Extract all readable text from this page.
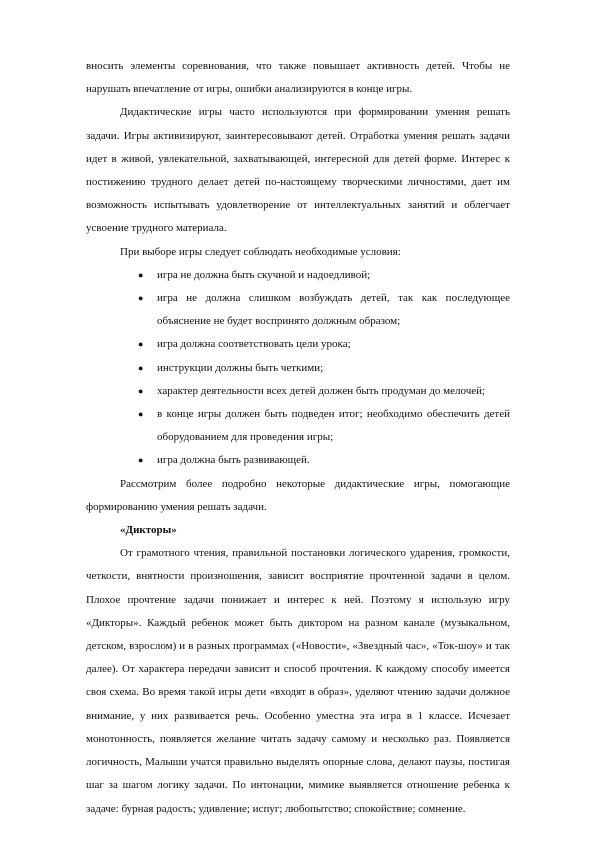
вносить элементы соревнования, что также повышает активность детей. Чтобы не нарушать впечатление от игры, ошибки анализируются в конце игры.

Дидактические игры часто используются при формировании умения решать задачи. Игры активизируют, заинтересовывают детей. Отработка умения решать задачи идет в живой, увлекательной, захватывающей, интересной для детей форме. Интерес к постижению трудного делает детей по-настоящему творческими личностями, дает им возможность испытывать удовлетворение от интеллектуальных занятий и облегчает усвоение трудного материала.

При выборе игры следует соблюдать необходимые условия:

● игра не должна быть скучной и надоедливой;
● игра не должна слишком возбуждать детей, так как последующее объяснение не будет воспринято должным образом;
● игра должна соответствовать цели урока;
● инструкции должны быть четкими;
● характер деятельности всех детей должен быть продуман до мелочей;
● в конце игры должен быть подведен итог; необходимо обеспечить детей оборудованием для проведения игры;
● игра должна быть развивающей.

Рассмотрим более подробно некоторые дидактические игры, помогающие формированию умения решать задачи.

«Дикторы»

От грамотного чтения, правильной постановки логического ударения, громкости, четкости, внятности произношения, зависит восприятие прочтенной задачи в целом. Плохое прочтение задачи понижает и интерес к ней. Поэтому я использую игру «Дикторы». Каждый ребенок может быть диктором на разном канале (музыкальном, детском, взрослом) и в разных программах («Новости», «Звездный час», «Ток-шоу» и так далее). От характера передачи зависит и способ прочтения. К каждому способу имеется своя схема. Во время такой игры дети «входят в образ», уделяют чтению задачи должное внимание, у них развивается речь. Особенно уместна эта игра в 1 классе. Исчезает монотонность, появляется желание читать задачу самому и несколько раз. Появляется логичность, Малыши учатся правильно выделять опорные слова, делают паузы, постигая шаг за шагом логику задачи. По интонации, мимике выявляется отношение ребенка к задаче: бурная радость; удивление; испуг; любопытство; спокойствие; сомнение.
